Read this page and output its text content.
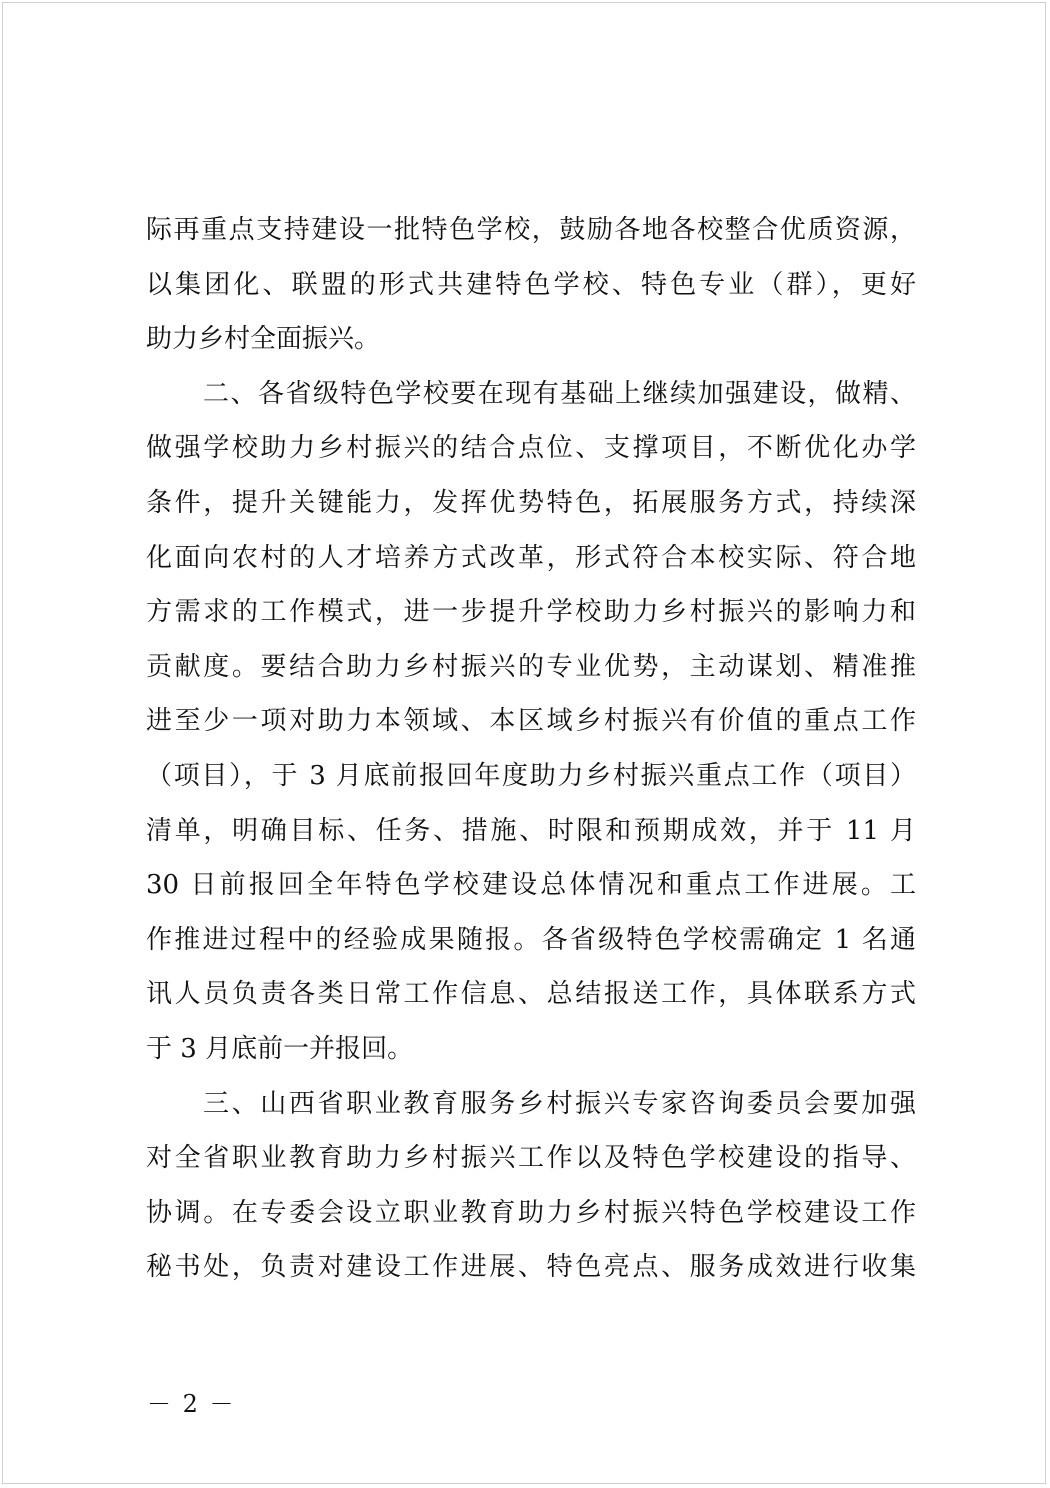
际再重点支持建设一批特色学校，鼓励各地各校整合优质资源，
以集团化、联盟的形式共建特色学校、特色专业（群），更好
助力乡村全面振兴。
二、各省级特色学校要在现有基础上继续加强建设，做精、
做强学校助力乡村振兴的结合点位、支撑项目，不断优化办学
条件，提升关键能力，发挥优势特色，拓展服务方式，持续深
化面向农村的人才培养方式改革，形式符合本校实际、符合地
方需求的工作模式，进一步提升学校助力乡村振兴的影响力和
贡献度。要结合助力乡村振兴的专业优势，主动谋划、精准推
进至少一项对助力本领域、本区域乡村振兴有价值的重点工作
（项目），于 3 月底前报回年度助力乡村振兴重点工作（项目）
清单，明确目标、任务、措施、时限和预期成效，并于 11 月
30 日前报回全年特色学校建设总体情况和重点工作进展。工
作推进过程中的经验成果随报。各省级特色学校需确定 1 名通
讯人员负责各类日常工作信息、总结报送工作，具体联系方式
于 3 月底前一并报回。
三、山西省职业教育服务乡村振兴专家咨询委员会要加强
对全省职业教育助力乡村振兴工作以及特色学校建设的指导、
协调。在专委会设立职业教育助力乡村振兴特色学校建设工作
秘书处，负责对建设工作进展、特色亮点、服务成效进行收集
－ 2 －
